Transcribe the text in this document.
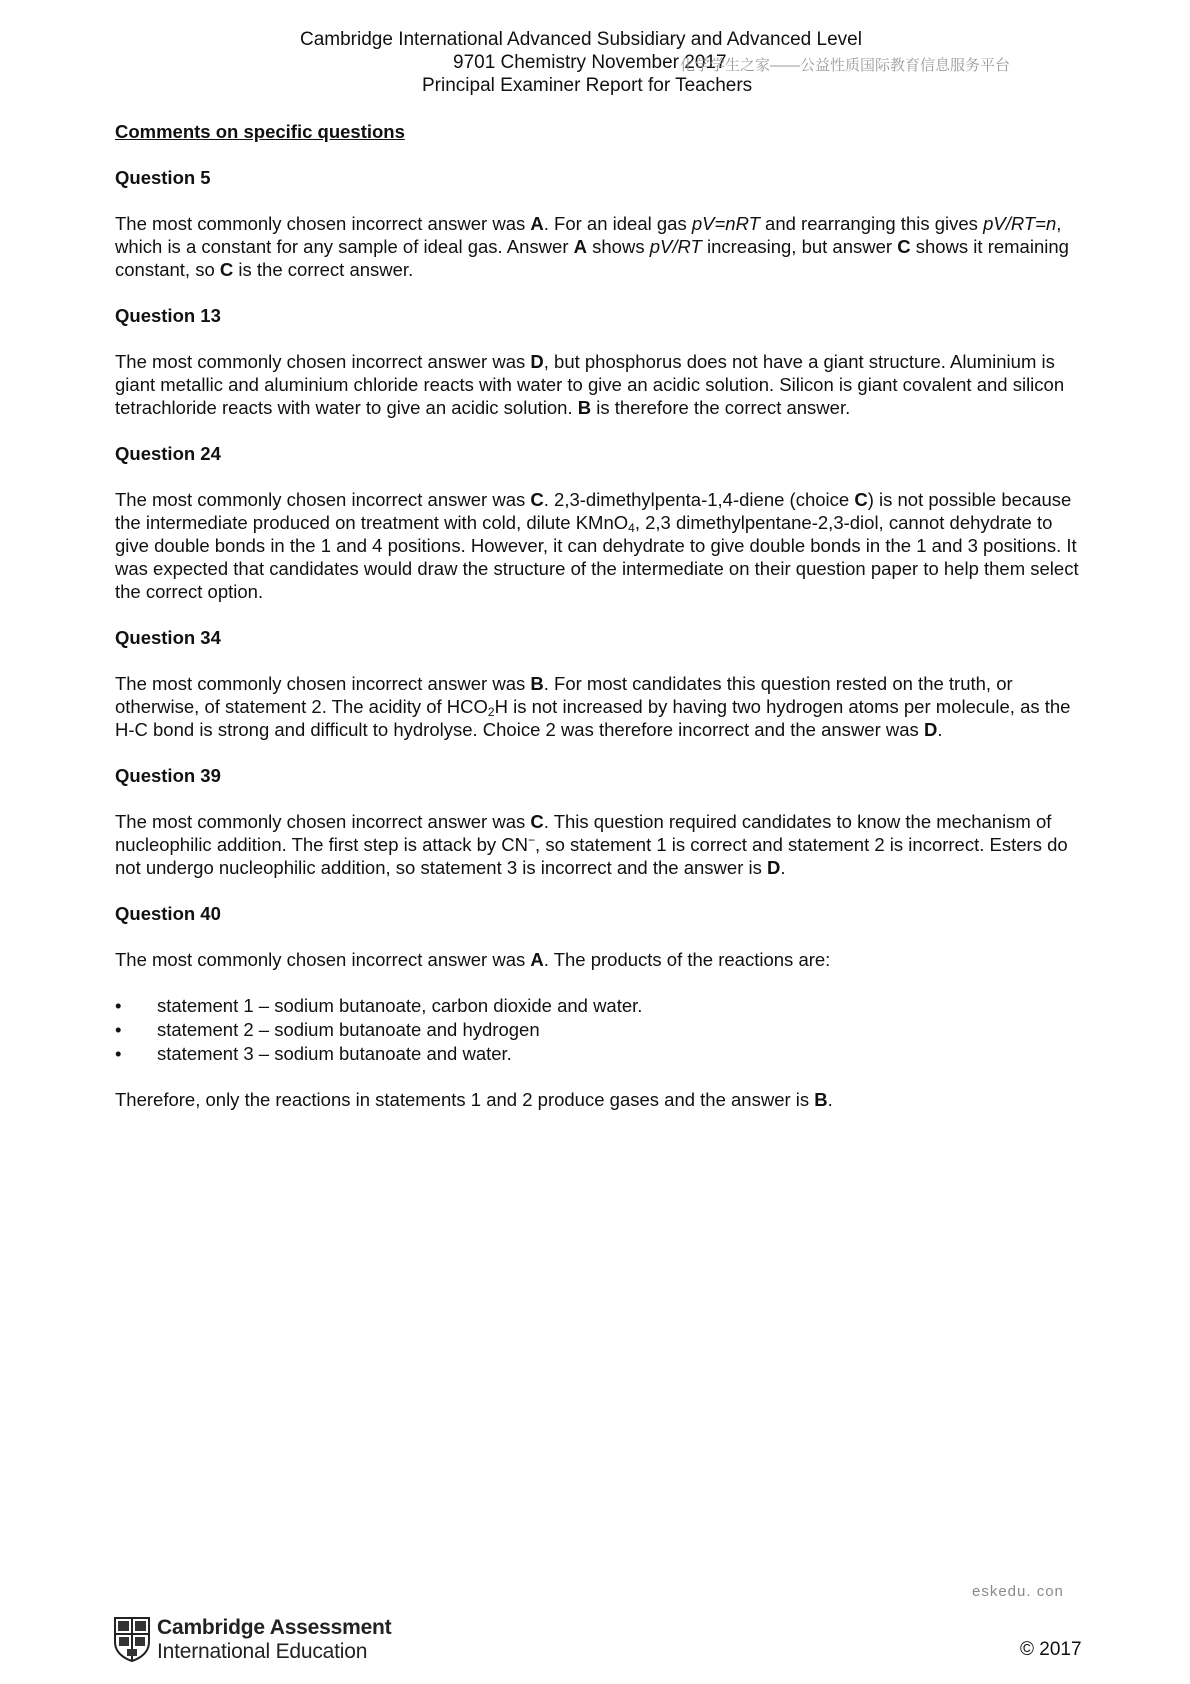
Cambridge International Advanced Subsidiary and Advanced Level
9701 Chemistry November 2017
Principal Examiner Report for Teachers
化学学生之家——公益性质国际教育信息服务平台
Comments on specific questions
Question 5
The most commonly chosen incorrect answer was A. For an ideal gas pV=nRT and rearranging this gives pV/RT=n, which is a constant for any sample of ideal gas. Answer A shows pV/RT increasing, but answer C shows it remaining constant, so C is the correct answer.
Question 13
The most commonly chosen incorrect answer was D, but phosphorus does not have a giant structure. Aluminium is giant metallic and aluminium chloride reacts with water to give an acidic solution. Silicon is giant covalent and silicon tetrachloride reacts with water to give an acidic solution. B is therefore the correct answer.
Question 24
The most commonly chosen incorrect answer was C. 2,3-dimethylpenta-1,4-diene (choice C) is not possible because the intermediate produced on treatment with cold, dilute KMnO$_4$, 2,3 dimethylpentane-2,3-diol, cannot dehydrate to give double bonds in the 1 and 4 positions. However, it can dehydrate to give double bonds in the 1 and 3 positions. It was expected that candidates would draw the structure of the intermediate on their question paper to help them select the correct option.
Question 34
The most commonly chosen incorrect answer was B. For most candidates this question rested on the truth, or otherwise, of statement 2. The acidity of $HCO_2H$ is not increased by having two hydrogen atoms per molecule, as the H-C bond is strong and difficult to hydrolyse. Choice 2 was therefore incorrect and the answer was D.
Question 39
The most commonly chosen incorrect answer was C. This question required candidates to know the mechanism of nucleophilic addition. The first step is attack by CN−, so statement 1 is correct and statement 2 is incorrect. Esters do not undergo nucleophilic addition, so statement 3 is incorrect and the answer is D.
Question 40
The most commonly chosen incorrect answer was A. The products of the reactions are:
• statement 1 – sodium butanoate, carbon dioxide and water.
• statement 2 – sodium butanoate and hydrogen
• statement 3 – sodium butanoate and water.
Therefore, only the reactions in statements 1 and 2 produce gases and the answer is B.
eskedu. con
Cambridge Assessment
International Education	© 2017
